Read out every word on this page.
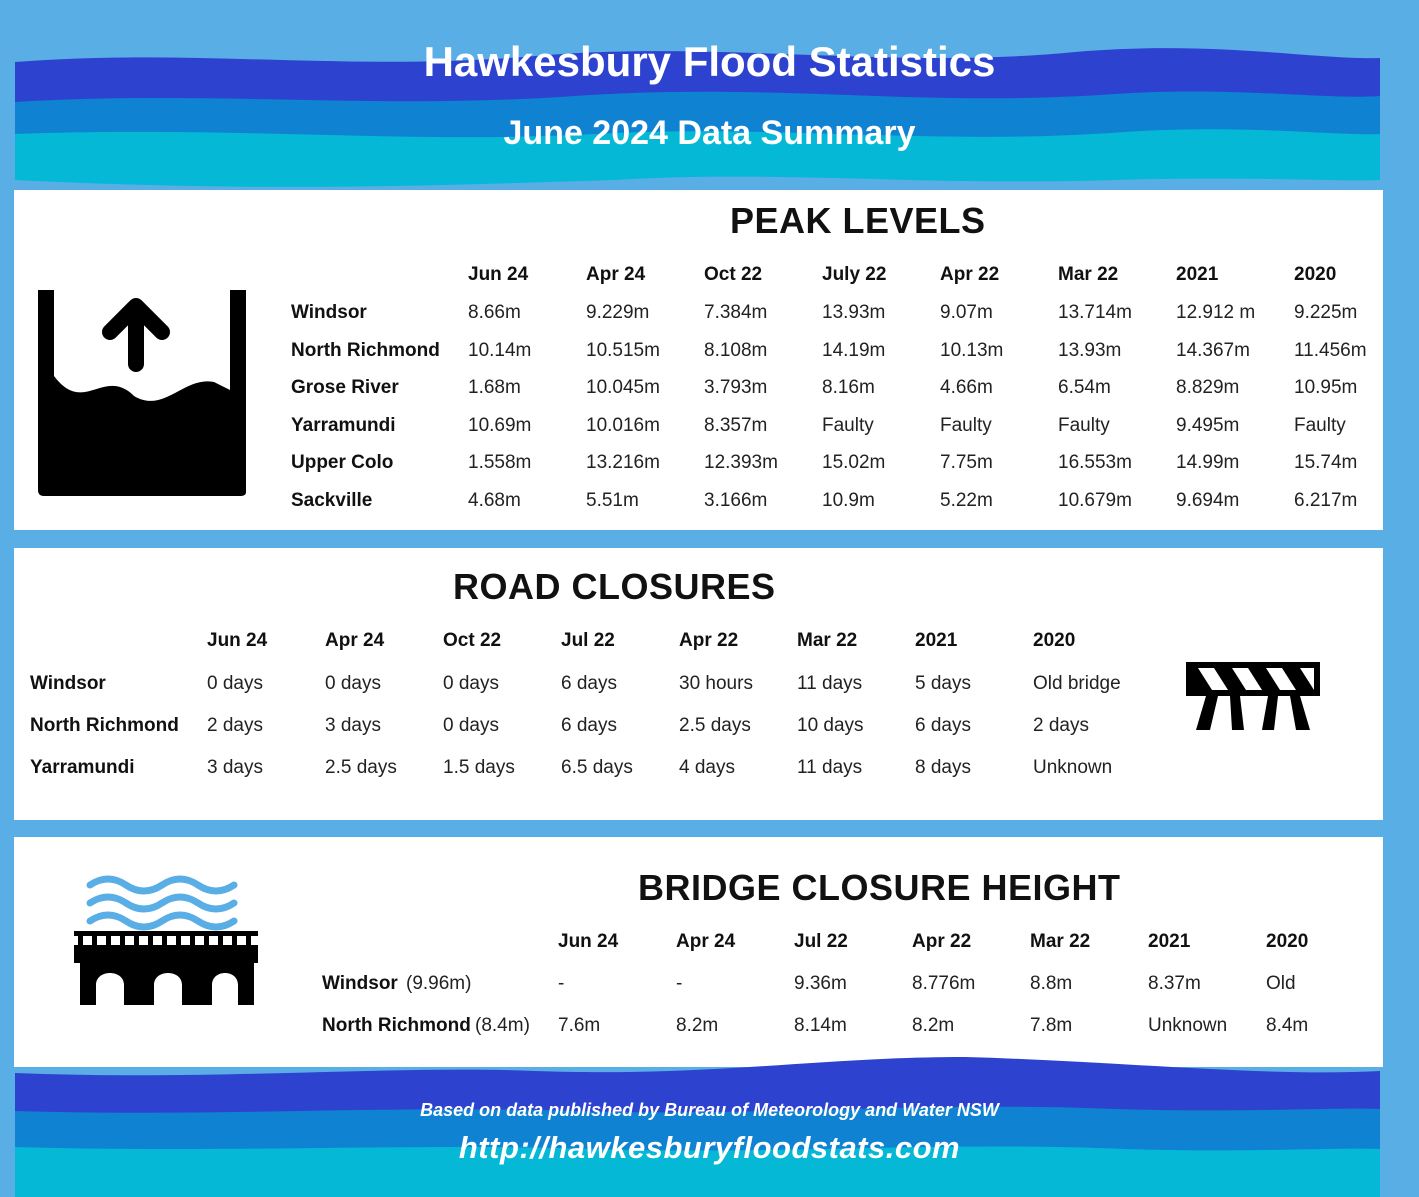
Hawkesbury Flood Statistics
June 2024 Data Summary
PEAK LEVELS
Jun 24	Apr 24	Oct 22	July 22	Apr 22	Mar 22	2021	2020
Windsor	8.66m	9.229m	7.384m	13.93m	9.07m	13.714m 12.912 m 9.225m
North Richmond 10.14m	10.515m 8.108m	14.19m	10.13m	13.93m	14.367m 11.456m
Grose River	1.68m	10.045m 3.793m	8.16m	4.66m	6.54m	8.829m	10.95m
Yarramundi	10.69m	10.016m 8.357m	Faulty	Faulty	Faulty	9.495m	Faulty
Upper Colo	1.558m	13.216m 12.393m 15.02m	7.75m	16.553m 14.99m	15.74m
Sackville	4.68m	5.51m	3.166m	10.9m	5.22m	10.679m 9.694m	6.217m
ROAD CLOSURES
Jun 24	Apr 24	Oct 22	Jul 22	Apr 22	Mar 22	2021	2020
Windsor	0 days	0 days	0 days	6 days	30 hours 11 days	5 days	Old bridge
North Richmond 2 days	3 days	0 days	6 days	2.5 days 10 days	6 days	2 days
Yarramundi	3 days	2.5 days 1.5 days 6.5 days 4 days	11 days	8 days	Unknown
BRIDGE CLOSURE HEIGHT
Jun 24	Apr 24	Jul 22	Apr 22	Mar 22	2021	2020
Windsor (9.96m)	-	-	9.36m	8.776m	8.8m	8.37m	Old
North Richmond (8.4m) 7.6m	8.2m	8.14m	8.2m	7.8m	Unknown 8.4m
Based on data published by Bureau of Meteorology and Water NSW
http://hawkesburyfloodstats.com
